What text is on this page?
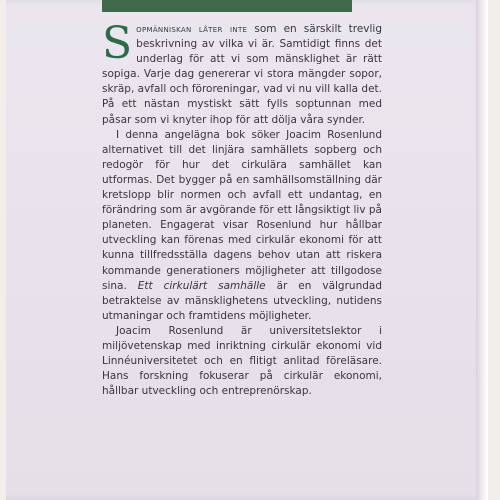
Sopmänniskan låter inte som en särskilt trevlig beskrivning av vilka vi är. Samtidigt finns det underlag för att vi som mänsklighet är rätt sopiga. Varje dag genererar vi stora mängder sopor, skräp, avfall och föroreningar, vad vi nu vill kalla det. På ett nästan mystiskt sätt fylls soptunnan med påsar som vi knyter ihop för att dölja våra synder.

I denna angelägna bok söker Joacim Rosenlund alternativet till det linjära samhällets sopberg och redogör för hur det cirkulära samhället kan utformas. Det bygger på en samhällsomställning där kretslopp blir normen och avfall ett undantag, en förändring som är avgörande för ett långsiktigt liv på planeten. Engagerat visar Rosenlund hur hållbar utveckling kan förenas med cirkulär ekonomi för att kunna tillfredsställa dagens behov utan att riskera kommande generationers möjligheter att tillgodose sina. Ett cirkulärt samhälle är en välgrundad betraktelse av mänsklighetens utveckling, nutidens utmaningar och framtidens möjligheter.

Joacim Rosenlund är universitetslektor i miljövetenskap med inriktning cirkulär ekonomi vid Linnéuniversitetet och en flitigt anlitad föreläsare. Hans forskning fokuserar på cirkulär ekonomi, hållbar utveckling och entreprenörskap.
